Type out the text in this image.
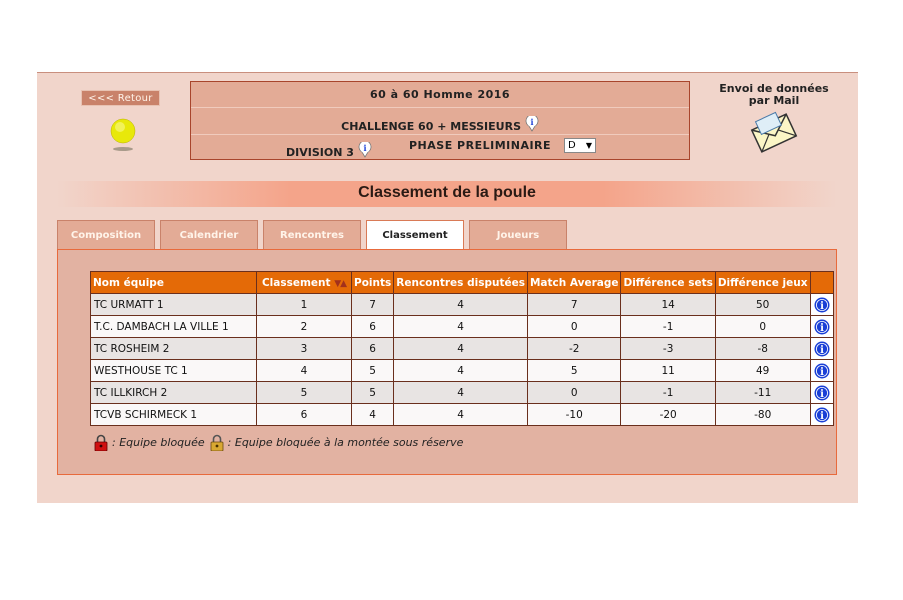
<<< Retour	60 à 60 Homme 2016
CHALLENGE 60 + MESSIEURS i
DIVISION 3 i	PHASE PRELIMINAIRE	D ▼
Envoi de données
par Mail
Classement de la poule
Composition	Calendrier	Rencontres	Classement	Joueurs
Nom équipe	Classement ▼▲	Points	Rencontres disputées	Match Average	Différence sets	Différence jeux	
TC URMATT 1	1	7	4	7	14	50	i

T.C. DAMBACH LA VILLE 1	2	6	4	0	-1	0	i

TC ROSHEIM 2	3	6	4	-2	-3	-8	i

WESTHOUSE TC 1	4	5	4	5	11	49	i

TC ILLKIRCH 2	5	5	4	0	-1	-11	i

TCVB SCHIRMECK 1	6	4	4	-10	-20	-80	i
: Equipe bloquée : Equipe bloquée à la montée sous réserve
